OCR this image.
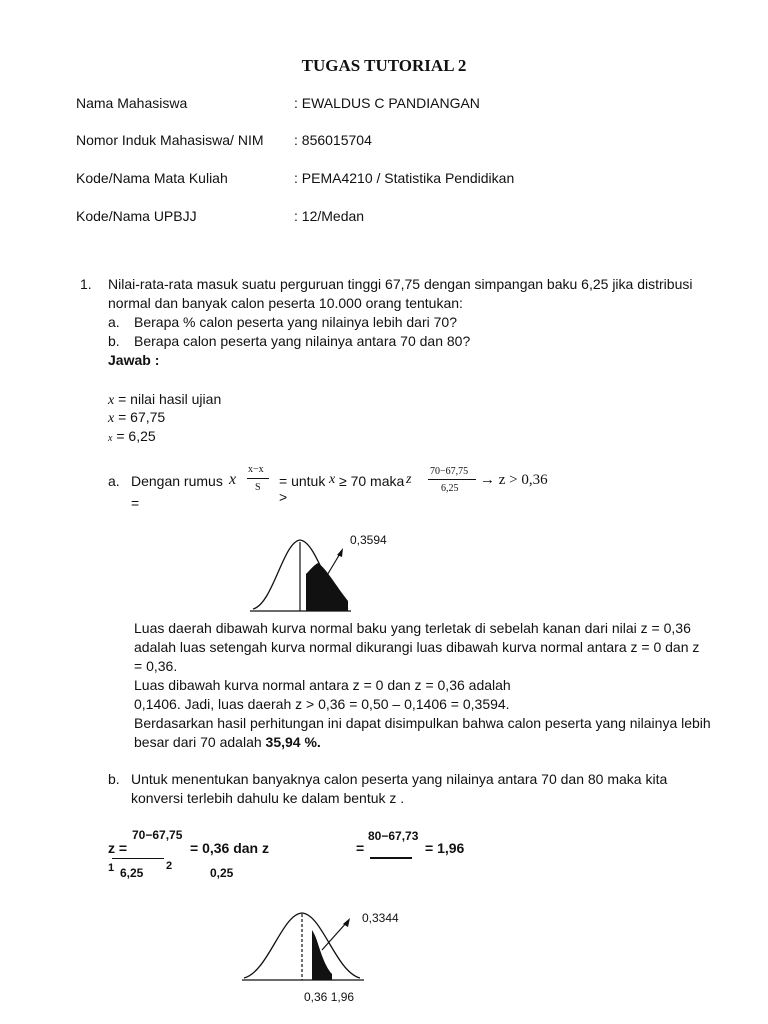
TUGAS TUTORIAL 2
Nama Mahasiswa	: EWALDUS C PANDIANGAN
Nomor Induk Mahasiswa/ NIM : 856015704
Kode/Nama Mata Kuliah	: PEMA4210 / Statistika Pendidikan
Kode/Nama UPBJJ	: 12/Medan
1. Nilai-rata-rata masuk suatu perguruan tinggi 67,75 dengan simpangan baku 6,25 jika distribusi
normal dan banyak calon peserta 10.000 orang tentukan:
a. Berapa % calon peserta yang nilainya lebih dari 70?
b. Berapa calon peserta yang nilainya antara 70 dan 80?
Jawab :
x = nilai hasil ujian
x = 67,75
x = 6,25
a. Dengan rumus x
x−x
S = untuk x ≥ 70 maka z
70−67,75
6,25
→ z > 0,36
=	>
0,3594
0,36
Luas daerah dibawah kurva normal baku yang terletak di sebelah kanan dari nilai z = 0,36
adalah luas setengah kurva normal dikurangi luas dibawah kurva normal antara z = 0 dan z
= 0,36.
Luas dibawah kurva normal antara z = 0 dan z = 0,36 adalah
0,1406. Jadi, luas daerah z > 0,36 = 0,50 – 0,1406 = 0,3594.
Berdasarkan hasil perhitungan ini dapat disimpulkan bahwa calon peserta yang nilainya lebih
besar dari 70 adalah 35,94 %.
b. Untuk menentukan banyaknya calon peserta yang nilainya antara 70 dan 80 maka kita
konversi terlebih dahulu ke dalam bentuk z .
70−67,75
z =	= 0,36 dan z
1 6,25 2
80−67,73
=	= 1,96
0,25
0,3344
0,36 1,96
